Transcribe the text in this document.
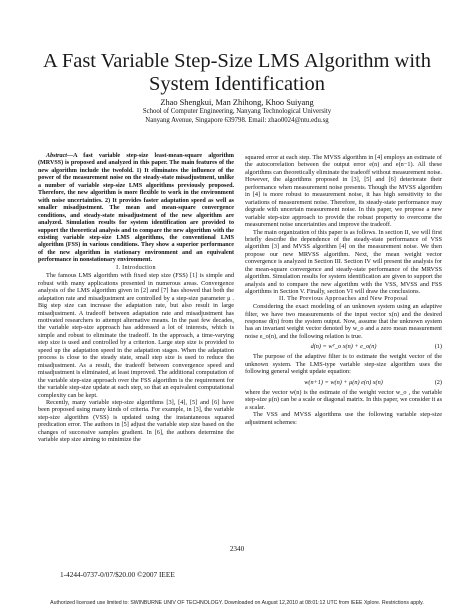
A Fast Variable Step-Size LMS Algorithm with
System Identification
Zhao Shengkui, Man Zhihong, Khoo Suiyang
School of Computer Engineering, Nanyang Technological University
Nanyang Avenue, Singapore 639798. Email: zhao0024@ntu.edu.sg

Abstract—A fast variable step-size least-mean-square algorithm (MRVSS) is proposed and analyzed in this paper. The main features of the new algorithm include the twofold. 1) It eliminates the influence of the power of the measurement noise on the steady-state misadjustment, unlike a number of variable step-size LMS algorithms previously proposed. Therefore, the new algorithm is more flexible to work in the environment with noise uncertainties. 2) It provides faster adaptation speed as well as smaller misadjustment. The mean and mean-square convergence conditions, and steady-state misadjustment of the new algorithm are analyzed. Simulation results for system identification are provided to support the theoretical analysis and to compare the new algorithm with the existing variable step-size LMS algorithms, the conventional LMS algorithm (FSS) in various conditions. They show a superior performance of the new algorithm in stationary environment and an equivalent performance in nonstationary environment.

I. Introduction

The famous LMS algorithm with fixed step size (FSS) [1] is simple and robust with many applications presented in numerous areas. Convergence analysis of the LMS algorithm given in [2] and [7] has showed that both the adaptation rate and misadjustment are controlled by a step-size parameter μ . Big step size can increase the adaptation rate, but also result in large misadjustment. A tradeoff between adaptation rate and misadjustment has motivated researchers to attempt alternative means. In the past few decades, the variable step-size approach has addressed a lot of interests, which is simple and robust to eliminate the tradeoff. In the approach, a time-varying step size is used and controlled by a criterion. Large step size is provided to speed up the adaptation speed in the adaptation stages. When the adaptation process is close to the steady state, small step size is used to reduce the misadjustment. As a result, the tradeoff between convergence speed and misadjustment is eliminated, at least improved. The additional computation of the variable step-size approach over the FSS algorithm is the requirement for the variable step-size update at each step, so that an equivalent computational complexity can be kept.

Recently, many variable step-size algorithms [3], [4], [5] and [6] have been proposed using many kinds of criteria. For example, in [3], the variable step-size algorithm (VSS) is updated using the instantaneous squared predication error. The authors in [5] adjust the variable step size based on the changes of successive samples gradient. In [6], the authors determine the variable step size aiming to minimize the

squared error at each step. The MVSS algorithm in [4] employs an estimate of the autocorrelation between the output error e(n) and e(n−1). All these algorithms can theoretically eliminate the tradeoff without measurement noise. However, the algorithms proposed in [3], [5] and [6] deteriorate their performance when measurement noise presents. Though the MVSS algorithm in [4] is more robust to measurement noise, it has high sensitivity to the variations of measurement noise. Therefore, its steady-state performance may degrade with uncertain measurement noise. In this paper, we propose a new variable step-size approach to provide the robust property to overcome the measurement noise uncertainties and improve the tradeoff.

The main organization of this paper is as follows. In section II, we will first briefly describe the dependence of the steady-state performance of VSS algorithm [3] and MVSS algorithm [4] on the measurement noise. We then propose our new MRVSS algorithm. Next, the mean weight vector convergence is analyzed in Section III. Section IV will present the analysis for the mean-square convergence and steady-state performance of the MRVSS algorithm. Simulation results for system identification are given to support the analysis and to compare the new algorithm with the VSS, MVSS and FSS algorithms in Section V. Finally, section VI will draw the conclusions.

II. The Previous Approaches and New Proposal

Considering the exact modeling of an unknown system using an adaptive filter, we have two measurements of the input vector x(n) and the desired response d(n) from the system output. Now, assume that the unknown system has an invariant weight vector denoted by w_o and a zero mean measurement noise e_o(n), and the following relation is true.

d(n) = wᵀ_o x(n) + e_o(n)	(1)

The purpose of the adaptive filter is to estimate the weight vector of the unknown system. The LMS-type variable step-size algorithm uses the following general weight update equation:

w(n+1) = w(n) + μ(n) e(n) x(n)	(2)

where the vector w(n) is the estimate of the weight vector w_o , the variable step-size μ(n) can be a scale or diagonal matrix. In this paper, we consider it as a scalar.

The VSS and MVSS algorithms use the following variable step-size adjustment schemes:

2340
1-4244-0737-0/07/$20.00 ©2007 IEEE
Authorized licensed use limited to: SWINBURNE UNIV OF TECHNOLOGY. Downloaded on August 12,2010 at 08:01:12 UTC from IEEE Xplore. Restrictions apply.
